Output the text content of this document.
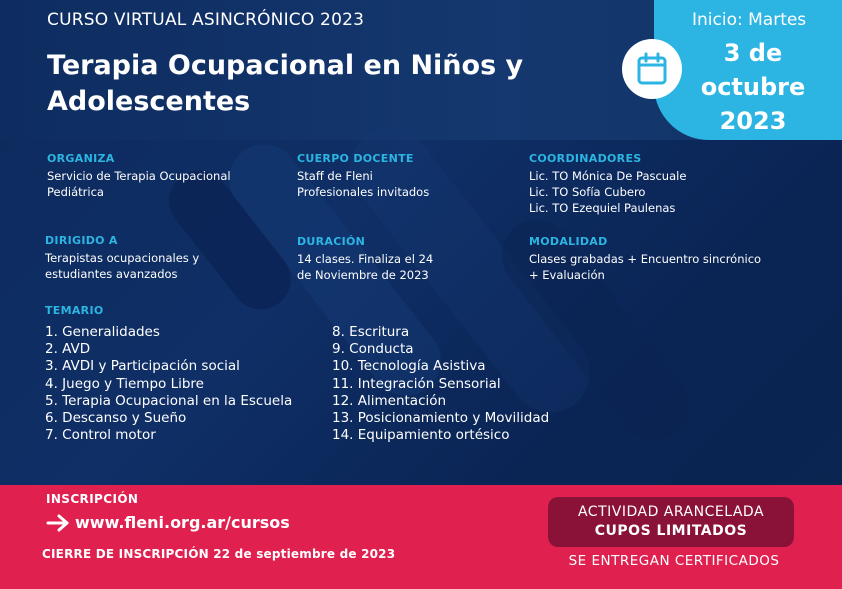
CURSO VIRTUAL ASINCRÓNICO 2023
Terapia Ocupacional en Niños y Adolescentes
Inicio: Martes
3 de
octubre
2023
ORGANIZA
Servicio de Terapia Ocupacional
Pediátrica
CUERPO DOCENTE
Staff de Fleni
Profesionales invitados
COORDINADORES
Lic. TO Mónica De Pascuale
Lic. TO Sofía Cubero
Lic. TO Ezequiel Paulenas
DIRIGIDO A
Terapistas ocupacionales y
estudiantes avanzados
DURACIÓN
14 clases. Finaliza el 24
de Noviembre de 2023
MODALIDAD
Clases grabadas + Encuentro sincrónico
+ Evaluación
TEMARIO
1. Generalidades
2. AVD
3. AVDI y Participación social
4. Juego y Tiempo Libre
5. Terapia Ocupacional en la Escuela
6. Descanso y Sueño
7. Control motor
8. Escritura
9. Conducta
10. Tecnología Asistiva
11. Integración Sensorial
12. Alimentación
13. Posicionamiento y Movilidad
14. Equipamiento ortésico
INSCRIPCIÓN
www.fleni.org.ar/cursos
CIERRE DE INSCRIPCIÓN 22 de septiembre de 2023
ACTIVIDAD ARANCELADA
CUPOS LIMITADOS
SE ENTREGAN CERTIFICADOS
